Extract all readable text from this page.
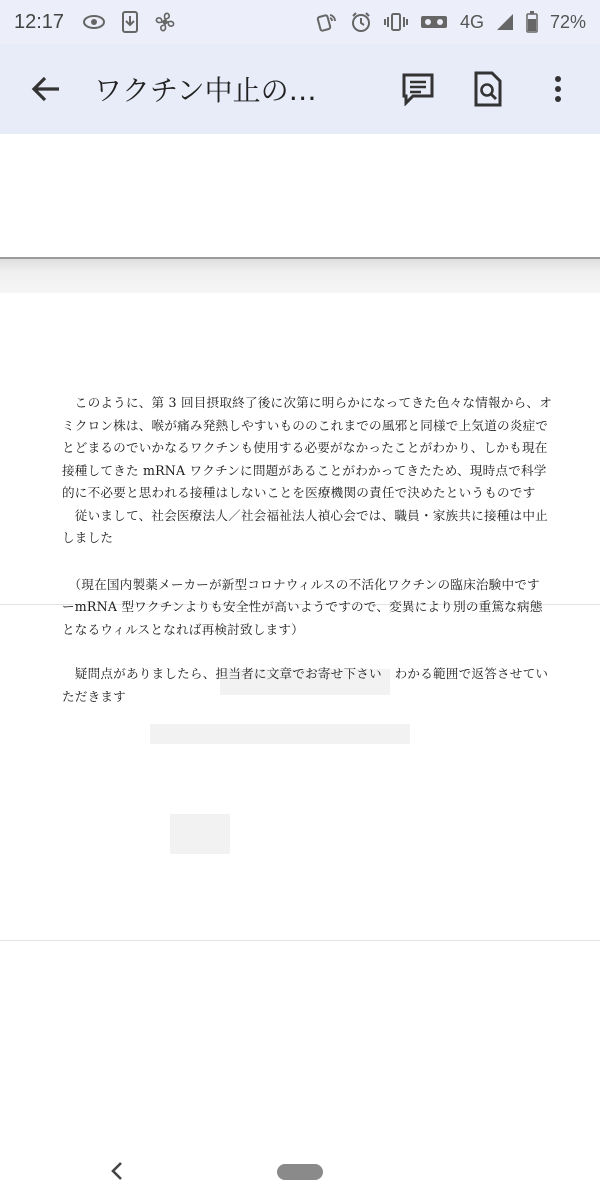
12:17	4G	72%
ワクチン中止の…

　このように、第 3 回目摂取終了後に次第に明らかになってきた色々な情報から、オミクロン株は、喉が痛み発熱しやすいもののこれまでの風邪と同様で上気道の炎症でとどまるのでいかなるワクチンも使用する必要がなかったことがわかり、しかも現在接種してきた mRNA ワクチンに問題があることがわかってきたため、現時点で科学的に不必要と思われる接種はしないことを医療機関の責任で決めたというものです

　従いまして、社会医療法人／社会福祉法人禎心会では、職員・家族共に接種は中止しました

　（現在国内製薬メーカーが新型コロナウィルスの不活化ワクチンの臨床治験中ですーmRNA 型ワクチンよりも安全性が高いようですので、変異により別の重篤な病態となるウィルスとなれば再検討致します）

　疑問点がありましたら、担当者に文章でお寄せ下さい　わかる範囲で返答させていただきます
